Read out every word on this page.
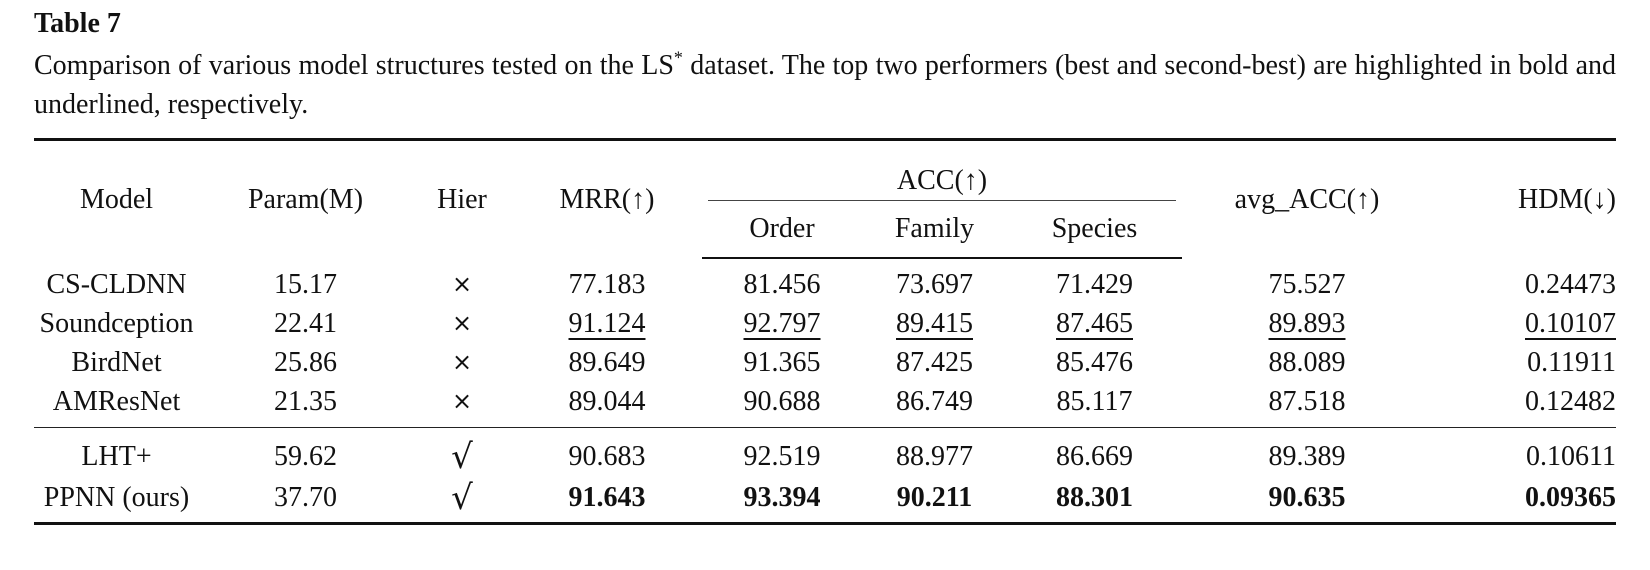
Table 7
Comparison of various model structures tested on the LS* dataset. The top two performers (best and second-best) are highlighted in bold and underlined, respectively.
Model	Param(M)	Hier	MRR(↑)	ACC(↑)			avg_ACC(↑)	HDM(↓)
				Order	Family	Species		
CS-CLDNN	15.17	×	77.183	81.456	73.697	71.429	75.527	0.24473
Soundception	22.41	×	91.124	92.797	89.415	87.465	89.893	0.10107
BirdNet	25.86	×	89.649	91.365	87.425	85.476	88.089	0.11911
AMResNet	21.35	×	89.044	90.688	86.749	85.117	87.518	0.12482
LHT+	59.62	√	90.683	92.519	88.977	86.669	89.389	0.10611
PPNN (ours)	37.70	√	91.643	93.394	90.211	88.301	90.635	0.09365
